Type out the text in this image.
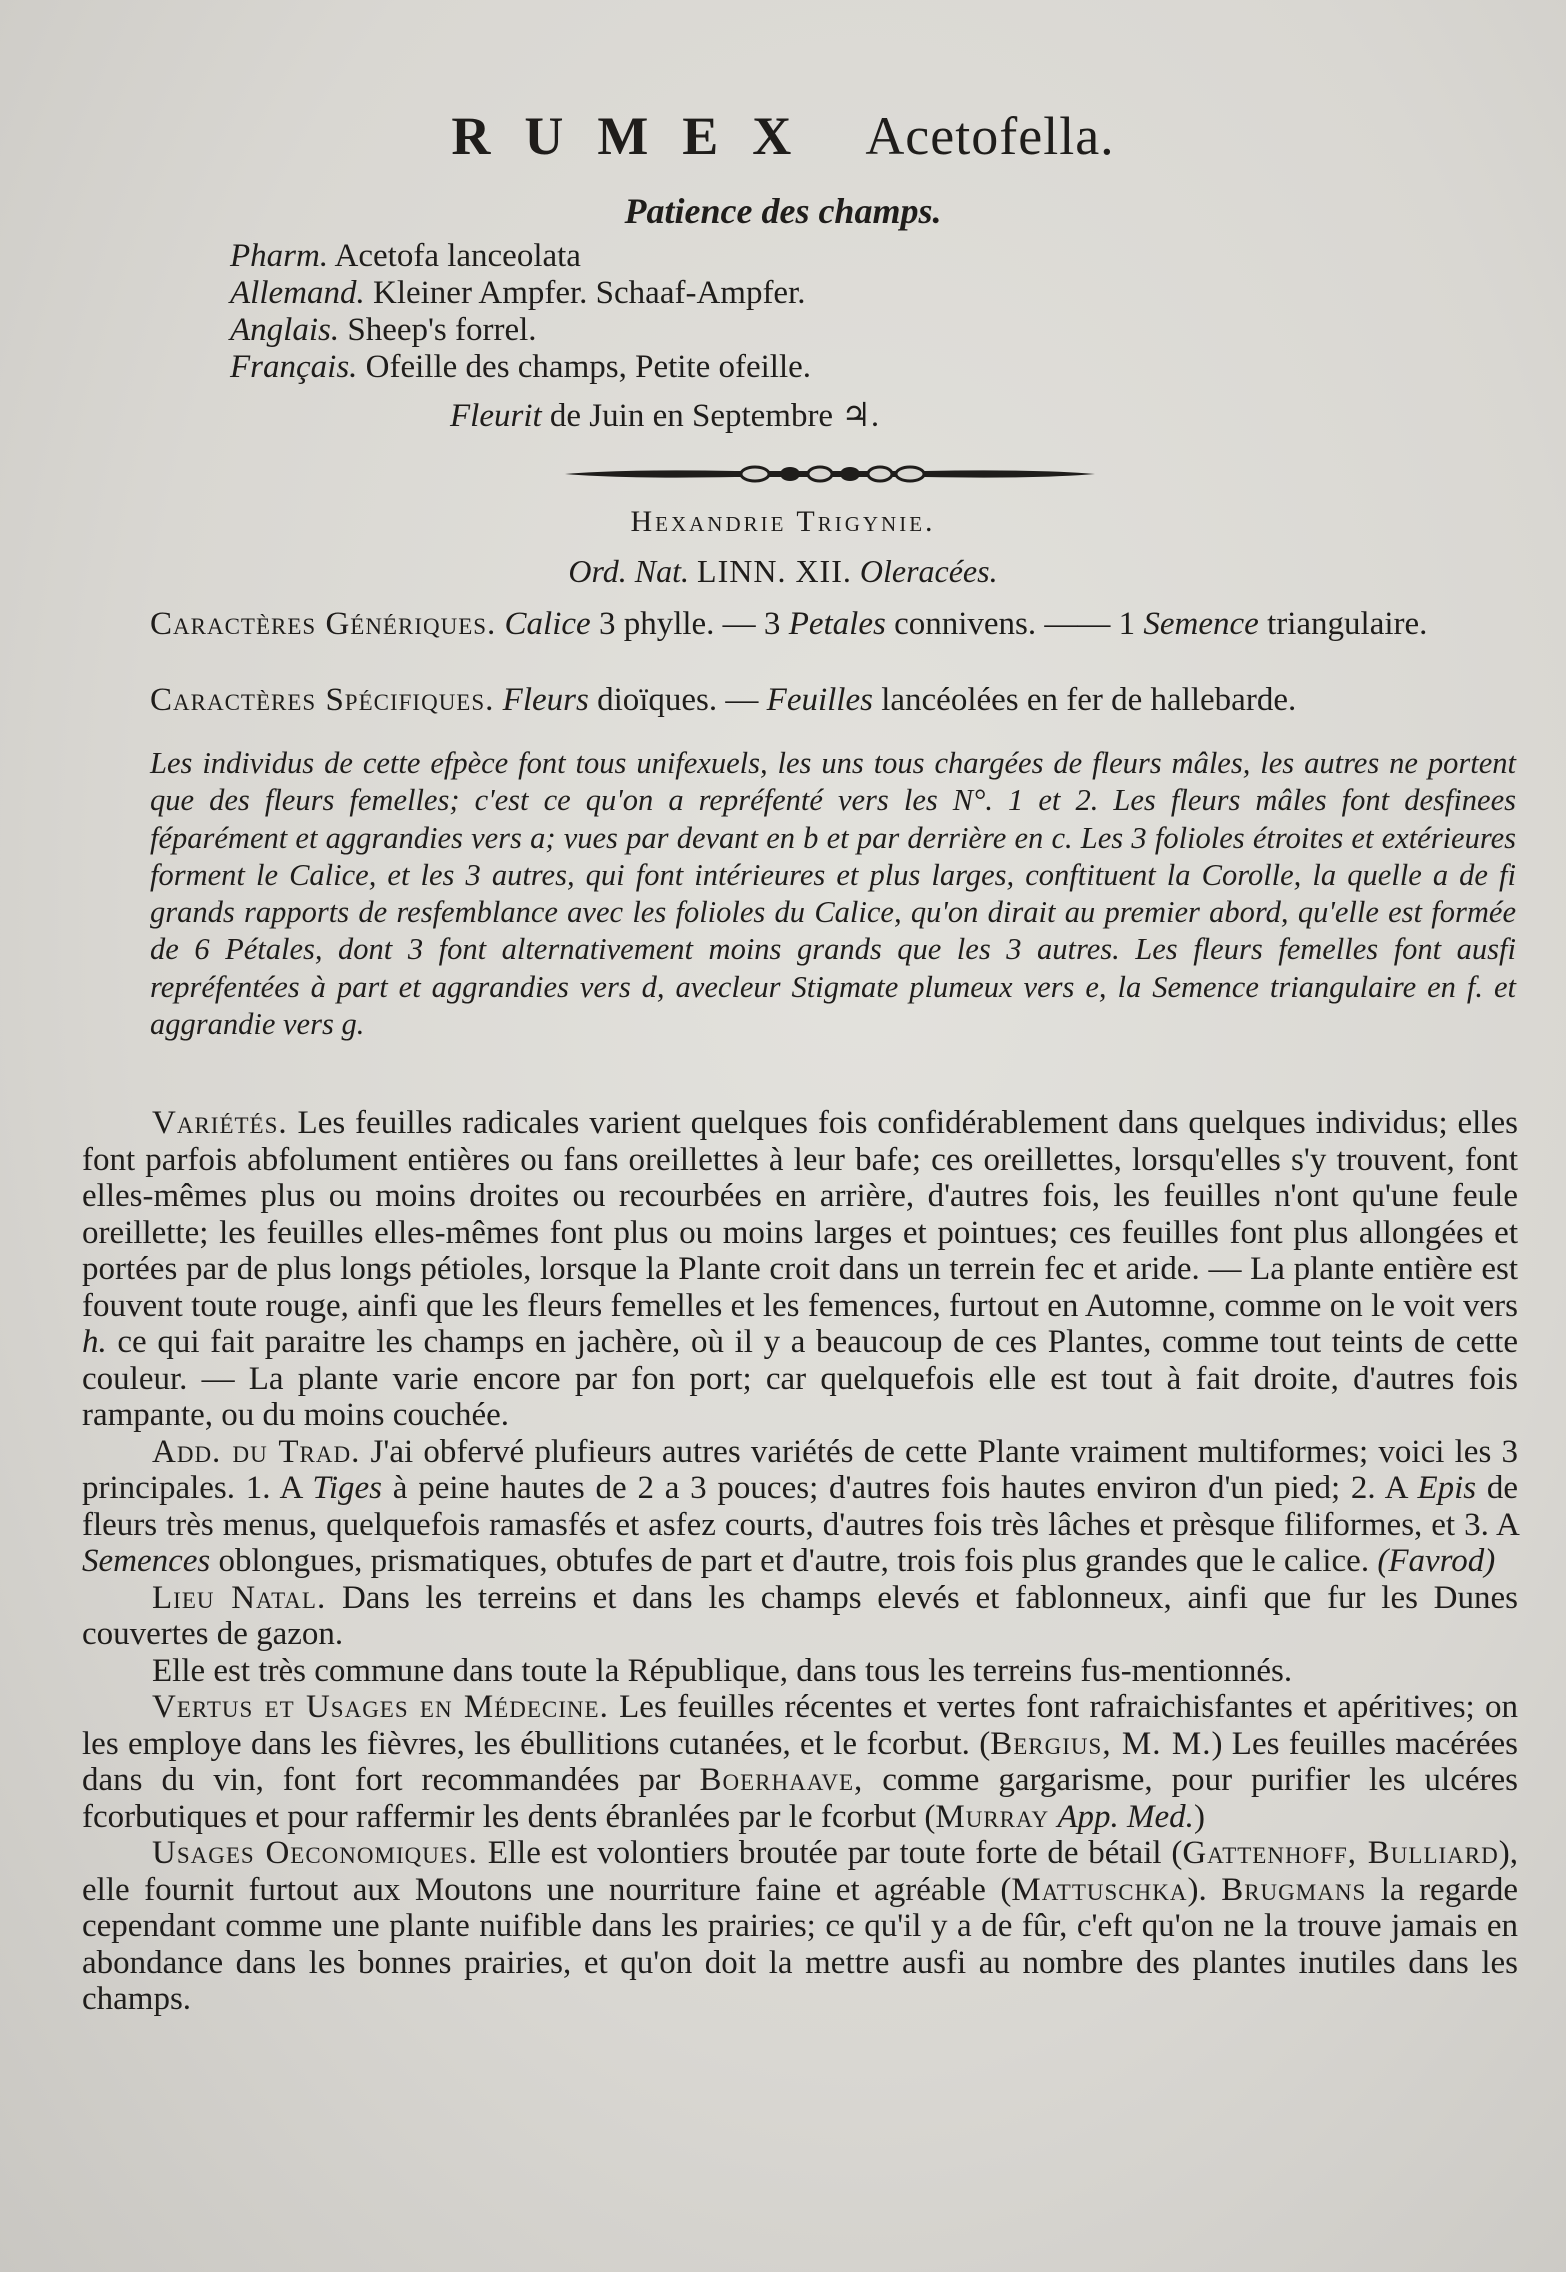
RUMEX Acetofella.
Patience des champs.
Pharm. Acetofa lanceolata
Allemand. Kleiner Ampfer. Schaaf-Ampfer.
Anglais. Sheep's forrel.
Français. Ofeille des champs, Petite ofeille.
Fleurit de Juin en Septembre ♃.
Hexandrie Trigynie.
Ord. Nat. LINN. XII. Oleracées.
Caractères Génériques. Calice 3 phylle. — 3 Petales connivens. —— 1 Semence triangulaire.
Caractères Spécifiques. Fleurs dioïques. — Feuilles lancéolées en fer de hallebarde.
Les individus de cette efpèce font tous unifexuels, les uns tous chargées de fleurs mâles, les autres ne portent que des fleurs femelles; c'est ce qu'on a repréfenté vers les N°. 1 et 2. Les fleurs mâles font desfinees féparément et aggrandies vers a; vues par devant en b et par derrière en c. Les 3 folioles étroites et extérieures forment le Calice, et les 3 autres, qui font intérieures et plus larges, conftituent la Corolle, la quelle a de fi grands rapports de resfemblance avec les folioles du Calice, qu'on dirait au premier abord, qu'elle est formée de 6 Pétales, dont 3 font alternativement moins grands que les 3 autres. Les fleurs femelles font ausfi repréfentées à part et aggrandies vers d, avecleur Stigmate plumeux vers e, la Semence triangulaire en f. et aggrandie vers g.

Variétés. Les feuilles radicales varient quelques fois confidérablement dans quelques individus; elles font parfois abfolument entières ou fans oreillettes à leur bafe; ces oreillettes, lorsqu'elles s'y trouvent, font elles-mêmes plus ou moins droites ou recourbées en arrière, d'autres fois, les feuilles n'ont qu'une feule oreillette; les feuilles elles-mêmes font plus ou moins larges et pointues; ces feuilles font plus allongées et portées par de plus longs pétioles, lorsque la Plante croit dans un terrein fec et aride. — La plante entière est fouvent toute rouge, ainfi que les fleurs femelles et les femences, furtout en Automne, comme on le voit vers h. ce qui fait paraitre les champs en jachère, où il y a beaucoup de ces Plantes, comme tout teints de cette couleur. — La plante varie encore par fon port; car quelquefois elle est tout à fait droite, d'autres fois rampante, ou du moins couchée.

Add. du Trad. J'ai obfervé plufieurs autres variétés de cette Plante vraiment multiformes; voici les 3 principales. 1. A Tiges à peine hautes de 2 a 3 pouces; d'autres fois hautes environ d'un pied; 2. A Epis de fleurs très menus, quelquefois ramasfés et asfez courts, d'autres fois très lâches et prèsque filiformes, et 3. A Semences oblongues, prismatiques, obtufes de part et d'autre, trois fois plus grandes que le calice. (Favrod)

Lieu Natal. Dans les terreins et dans les champs elevés et fablonneux, ainfi que fur les Dunes couvertes de gazon.

Elle est très commune dans toute la République, dans tous les terreins fus-mentionnés.

Vertus et Usages en Médecine. Les feuilles récentes et vertes font rafraichisfantes et apéritives; on les employe dans les fièvres, les ébullitions cutanées, et le fcorbut. (Bergius, M. M.) Les feuilles macérées dans du vin, font fort recommandées par Boerhaave, comme gargarisme, pour purifier les ulcéres fcorbutiques et pour raffermir les dents ébranlées par le fcorbut (Murray App. Med.)

Usages Oeconomiques. Elle est volontiers broutée par toute forte de bétail (Gattenhoff, Bulliard), elle fournit furtout aux Moutons une nourriture faine et agréable (Mattuschka). Brugmans la regarde cependant comme une plante nuifible dans les prairies; ce qu'il y a de fûr, c'eft qu'on ne la trouve jamais en abondance dans les bonnes prairies, et qu'on doit la mettre ausfi au nombre des plantes inutiles dans les champs.
